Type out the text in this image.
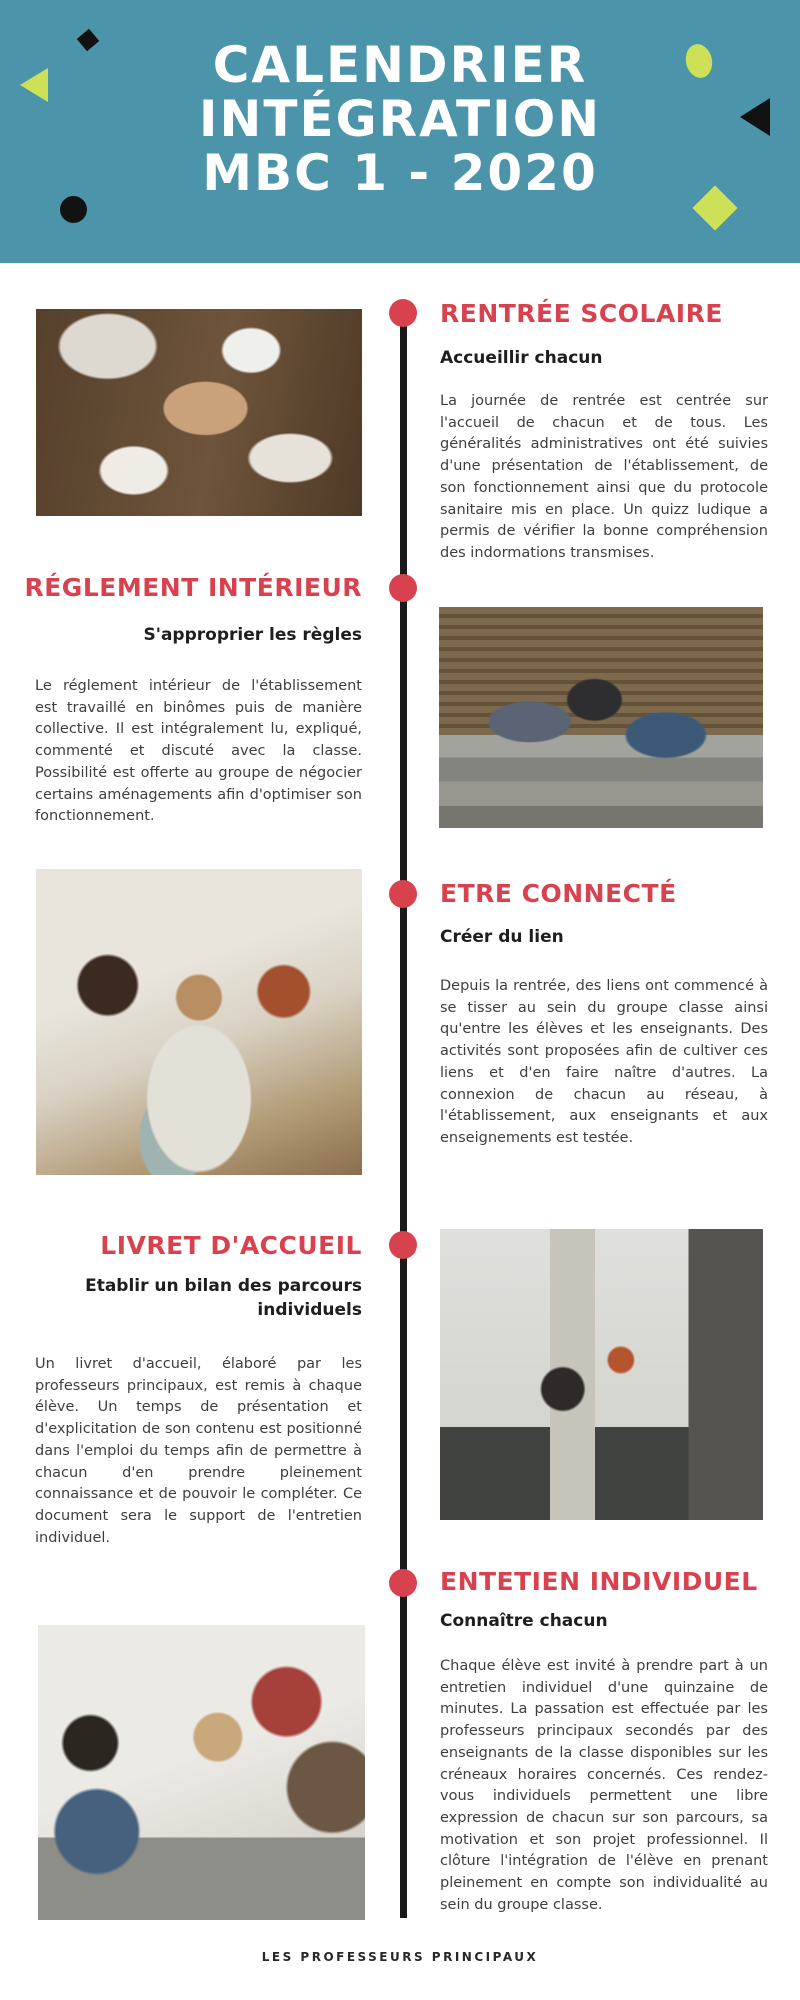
CALENDRIER
INTÉGRATION
MBC 1 - 2020
RENTRÉE SCOLAIRE
Accueillir chacun
La journée de rentrée est centrée sur l'accueil de chacun et de tous. Les généralités administratives ont été suivies d'une présentation de l'établissement, de son fonctionnement ainsi que du protocole sanitaire mis en place. Un quizz ludique a permis de vérifier la bonne compréhension des indormations transmises.
RÉGLEMENT INTÉRIEUR
S'approprier les règles
Le réglement intérieur de l'établissement est travaillé en binômes puis de manière collective. Il est intégralement lu, expliqué, commenté et discuté avec la classe. Possibilité est offerte au groupe de négocier certains aménagements afin d'optimiser son fonctionnement.
ETRE CONNECTÉ
Créer du lien
Depuis la rentrée, des liens ont commencé à se tisser au sein du groupe classe ainsi qu'entre les élèves et les enseignants. Des activités sont proposées afin de cultiver ces liens et d'en faire naître d'autres. La connexion de chacun au réseau, à l'établissement, aux enseignants et aux enseignements est testée.
LIVRET D'ACCUEIL
Etablir un bilan des parcours individuels
Un livret d'accueil, élaboré par les professeurs principaux, est remis à chaque élève. Un temps de présentation et d'explicitation de son contenu est positionné dans l'emploi du temps afin de permettre à chacun d'en prendre pleinement connaissance et de pouvoir le compléter. Ce document sera le support de l'entretien individuel.
ENTETIEN INDIVIDUEL
Connaître chacun
Chaque élève est invité à prendre part à un entretien individuel d'une quinzaine de minutes. La passation est effectuée par les professeurs principaux secondés par des enseignants de la classe disponibles sur les créneaux horaires concernés. Ces rendez-vous individuels permettent une libre expression de chacun sur son parcours, sa motivation et son projet professionnel. Il clôture l'intégration de l'élève en prenant pleinement en compte son individualité au sein du groupe classe.
LES PROFESSEURS PRINCIPAUX
